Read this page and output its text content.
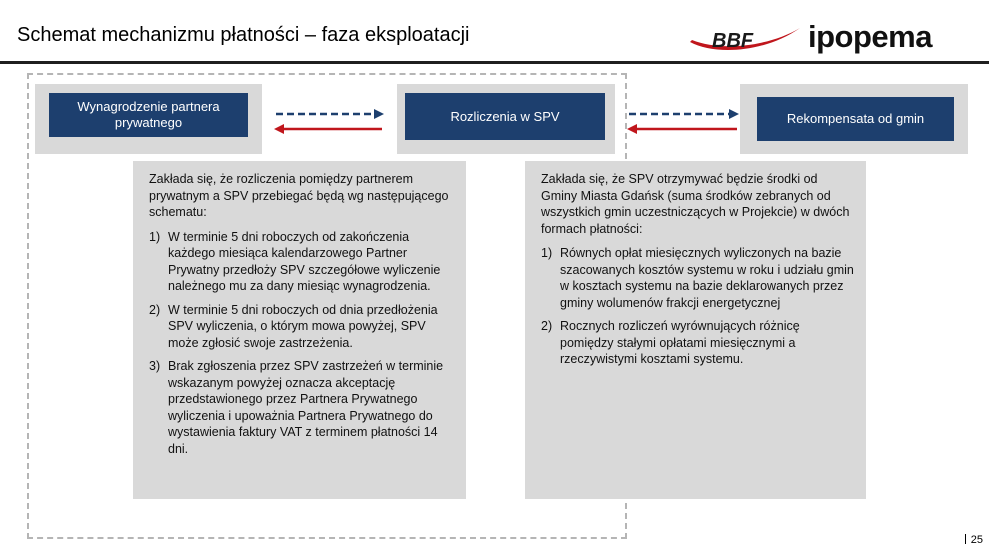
Schemat mechanizmu płatności – faza eksploatacji	BBF ipopema
Wynagrodzenie partnera prywatnego	Rozliczenia w SPV	Rekompensata od gmin

Zakłada się, że rozliczenia pomiędzy partnerem prywatnym a SPV przebiegać będą wg następującego schematu:

1) W terminie 5 dni roboczych od zakończenia każdego miesiąca kalendarzowego Partner Prywatny przedłoży SPV szczegółowe wyliczenie należnego mu za dany miesiąc wynagrodzenia.
2) W terminie 5 dni roboczych od dnia przedłożenia SPV wyliczenia, o którym mowa powyżej, SPV może zgłosić swoje zastrzeżenia.
3) Brak zgłoszenia przez SPV zastrzeżeń w terminie wskazanym powyżej oznacza akceptację przedstawionego przez Partnera Prywatnego wyliczenia i upoważnia Partnera Prywatnego do wystawienia faktury VAT z terminem płatności 14 dni.

Zakłada się, że SPV otrzymywać będzie środki od Gminy Miasta Gdańsk (suma środków zebranych od wszystkich gmin uczestniczących w Projekcie) w dwóch formach płatności:

1) Równych opłat miesięcznych wyliczonych na bazie szacowanych kosztów systemu w roku i udziału gmin w kosztach systemu na bazie deklarowanych przez gminy wolumenów frakcji energetycznej
2) Rocznych rozliczeń wyrównujących różnicę pomiędzy stałymi opłatami miesięcznymi a rzeczywistymi kosztami systemu.
25
